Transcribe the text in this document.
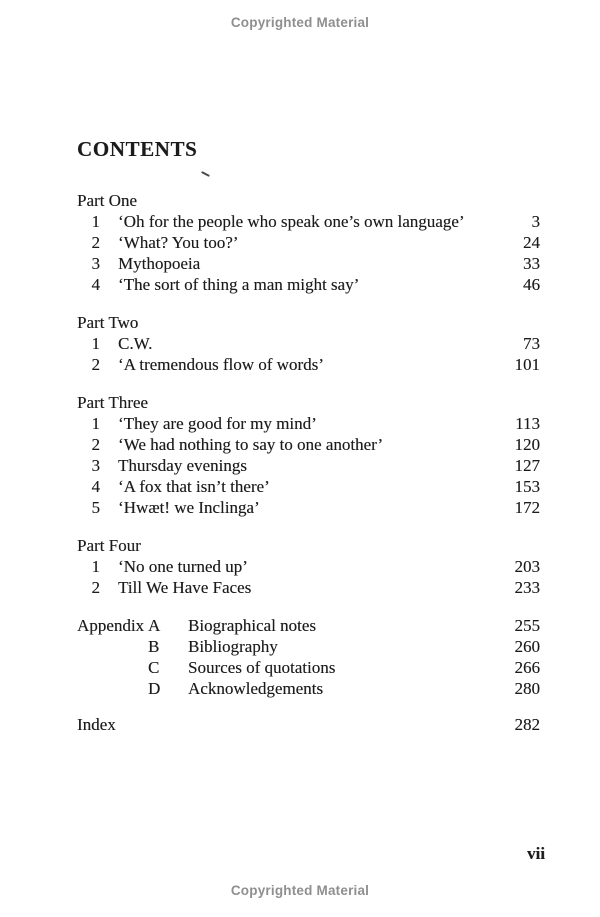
Copyrighted Material
CONTENTS
Part One
1	‘Oh for the people who speak one’s own language’	3
2	‘What? You too?’	24
3	Mythopoeia	33
4	‘The sort of thing a man might say’	46
Part Two
1	C.W.	73
2	‘A tremendous flow of words’	101
Part Three
1	‘They are good for my mind’	113
2	‘We had nothing to say to one another’	120
3	Thursday evenings	127
4	‘A fox that isn’t there’	153
5	‘Hwæt! we Inclinga’	172
Part Four
1	‘No one turned up’	203
2	Till We Have Faces	233
Appendix A	Biographical notes	255
B	Bibliography	260
C	Sources of quotations	266
D	Acknowledgements	280
Index	282
vii
Copyrighted Material
